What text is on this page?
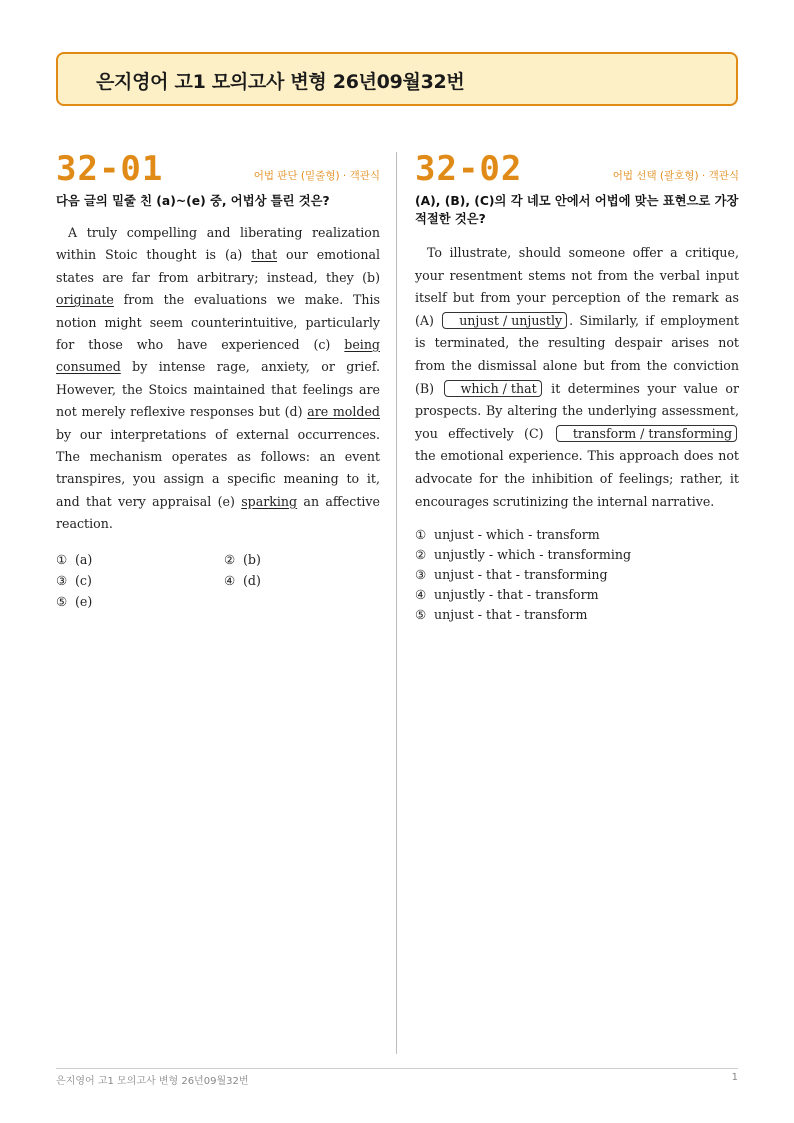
은지영어 고1 모의고사 변형 26년09월32번
32-01	어법 판단 (밑줄형) · 객관식
다음 글의 밑줄 친 (a)~(e) 중, 어법상 틀린 것은?
A truly compelling and liberating realization within Stoic thought is (a) that our emotional states are far from arbitrary; instead, they (b) originate from the evaluations we make. This notion might seem counterintuitive, particularly for those who have experienced (c) being consumed by intense rage, anxiety, or grief. However, the Stoics maintained that feelings are not merely reflexive responses but (d) are molded by our interpretations of external occurrences. The mechanism operates as follows: an event transpires, you assign a specific meaning to it, and that very appraisal (e) sparking an affective reaction.
① (a)	② (b)
③ (c)	④ (d)
⑤ (e)
32-02	어법 선택 (괄호형) · 객관식
(A), (B), (C)의 각 네모 안에서 어법에 맞는 표현으로 가장 적절한 것은?
To illustrate, should someone offer a critique, your resentment stems not from the verbal input itself but from your perception of the remark as (A) unjust / unjustly . Similarly, if employment is terminated, the resulting despair arises not from the dismissal alone but from the conviction (B) which / that it determines your value or prospects. By altering the underlying assessment, you effectively (C) transform / transforming the emotional experience. This approach does not advocate for the inhibition of feelings; rather, it encourages scrutinizing the internal narrative.
① unjust - which - transform
② unjustly - which - transforming
③ unjust - that - transforming
④ unjustly - that - transform
⑤ unjust - that - transform
은지영어 고1 모의고사 변형 26년09월32번	1
